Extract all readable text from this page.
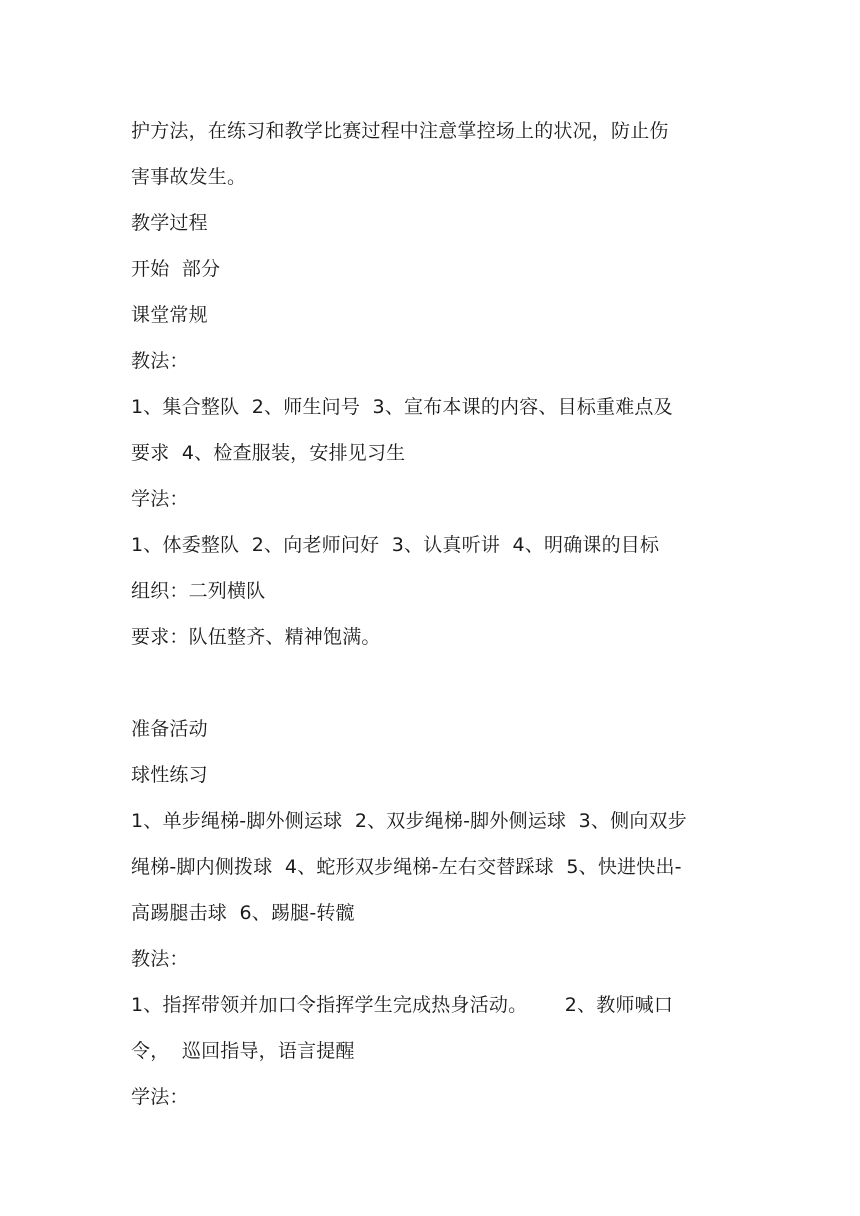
护方法，在练习和教学比赛过程中注意掌控场上的状况，防止伤
害事故发生。
教学过程
开始  部分
课堂常规
教法：
1、集合整队  2、师生问号  3、宣布本课的内容、目标重难点及
要求  4、检查服装，安排见习生
学法：
1、体委整队  2、向老师问好  3、认真听讲  4、明确课的目标
组织：二列横队
要求：队伍整齐、精神饱满。
准备活动
球性练习
1、单步绳梯-脚外侧运球  2、双步绳梯-脚外侧运球  3、侧向双步
绳梯-脚内侧拨球  4、蛇形双步绳梯-左右交替踩球  5、快进快出-
高踢腿击球  6、踢腿-转髋
教法：
1、指挥带领并加口令指挥学生完成热身活动。      2、教师喊口
令，  巡回指导，语言提醒
学法：
